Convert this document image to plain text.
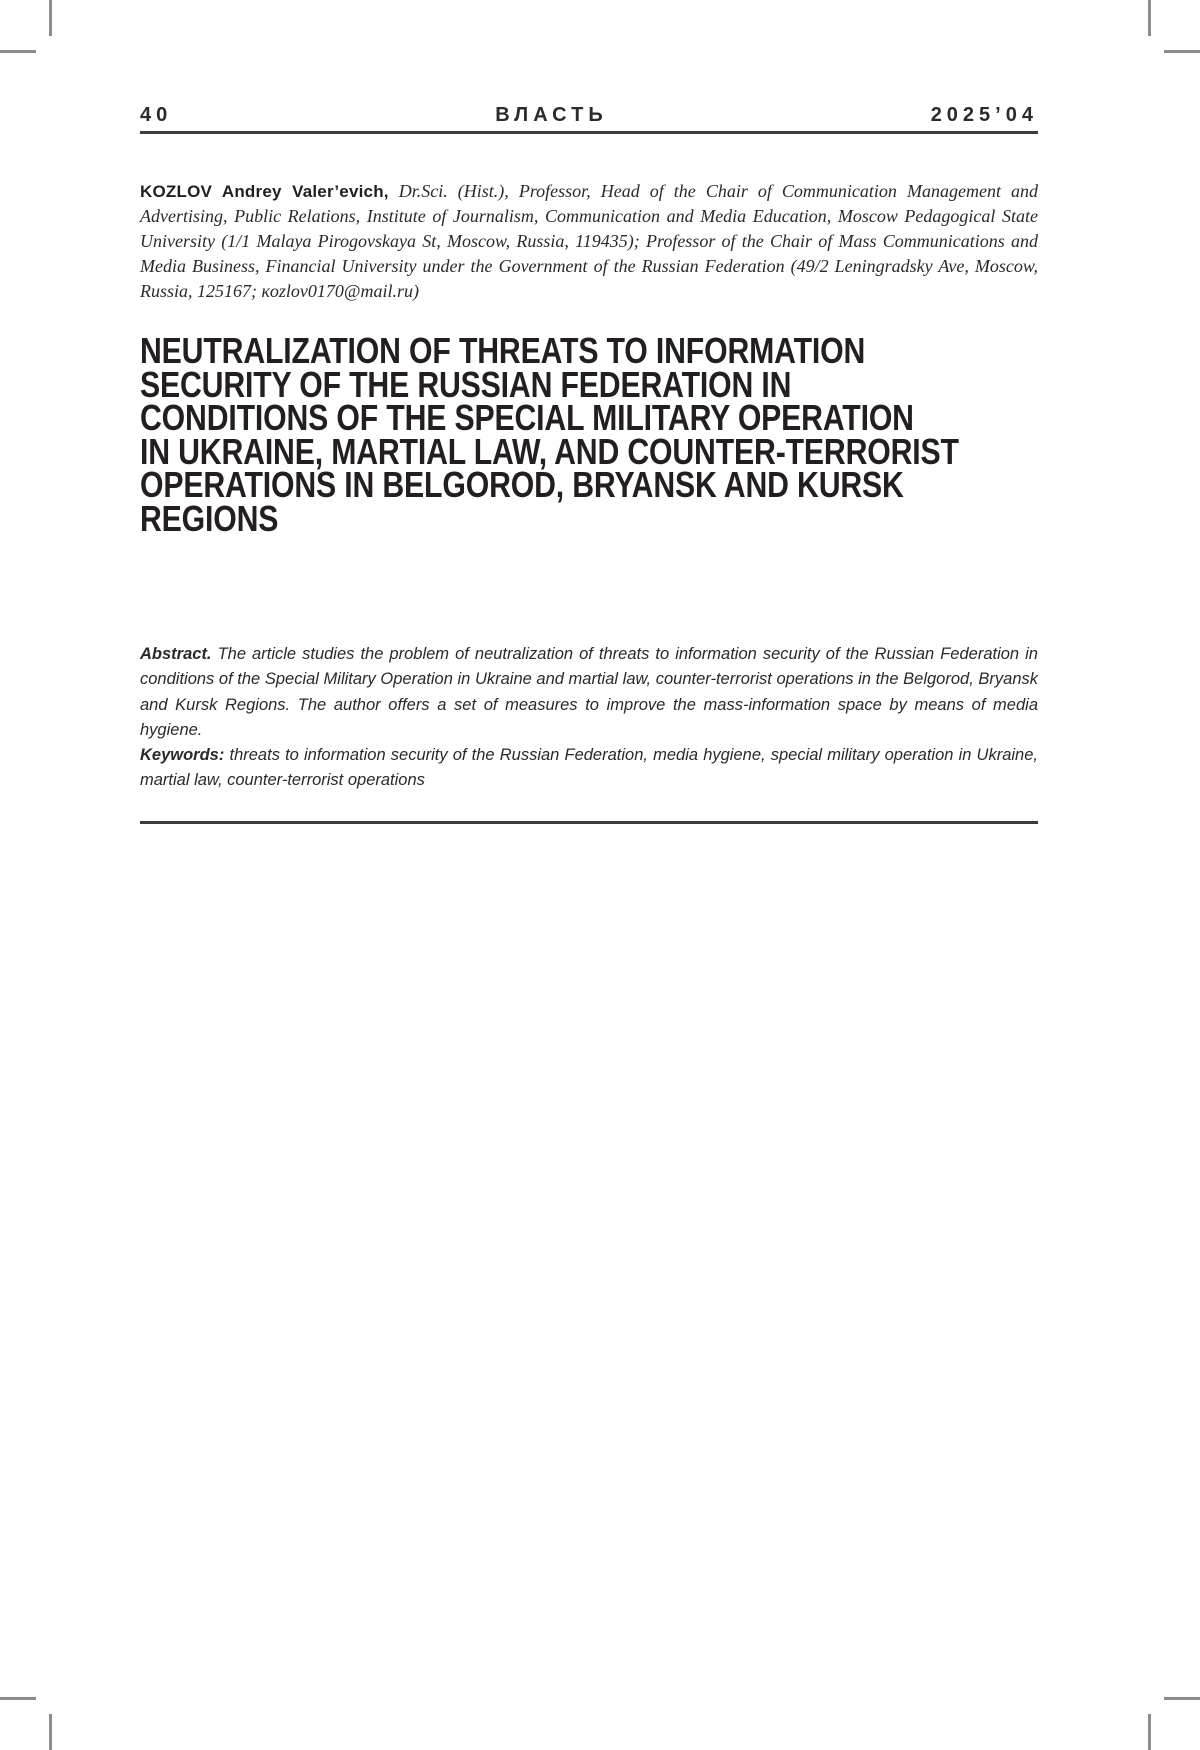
40	ВЛАСТЬ	2025’04
KOZLOV Andrey Valer’evich, Dr.Sci. (Hist.), Professor, Head of the Chair of Communication Management and Advertising, Public Relations, Institute of Journalism, Communication and Media Education, Moscow Pedagogical State University (1/1 Malaya Pirogovskaya St, Moscow, Russia, 119435); Professor of the Chair of Mass Communications and Media Business, Financial University under the Government of the Russian Federation (49/2 Leningradsky Ave, Moscow, Russia, 125167; кozlov0170@mail.ru)
NEUTRALIZATION OF THREATS TO INFORMATION
SECURITY OF THE RUSSIAN FEDERATION IN
CONDITIONS OF THE SPECIAL MILITARY OPERATION
IN UKRAINE, MARTIAL LAW, AND COUNTER-TERRORIST
OPERATIONS IN BELGOROD, BRYANSK AND KURSK
REGIONS

Abstract. The article studies the problem of neutralization of threats to information security of the Russian Federation in conditions of the Special Military Operation in Ukraine and martial law, counter-terrorist operations in the Belgorod, Bryansk and Kursk Regions. The author offers a set of measures to improve the mass-information space by means of media hygiene.

Keywords: threats to information security of the Russian Federation, media hygiene, special military operation in Ukraine, martial law, counter-terrorist operations
